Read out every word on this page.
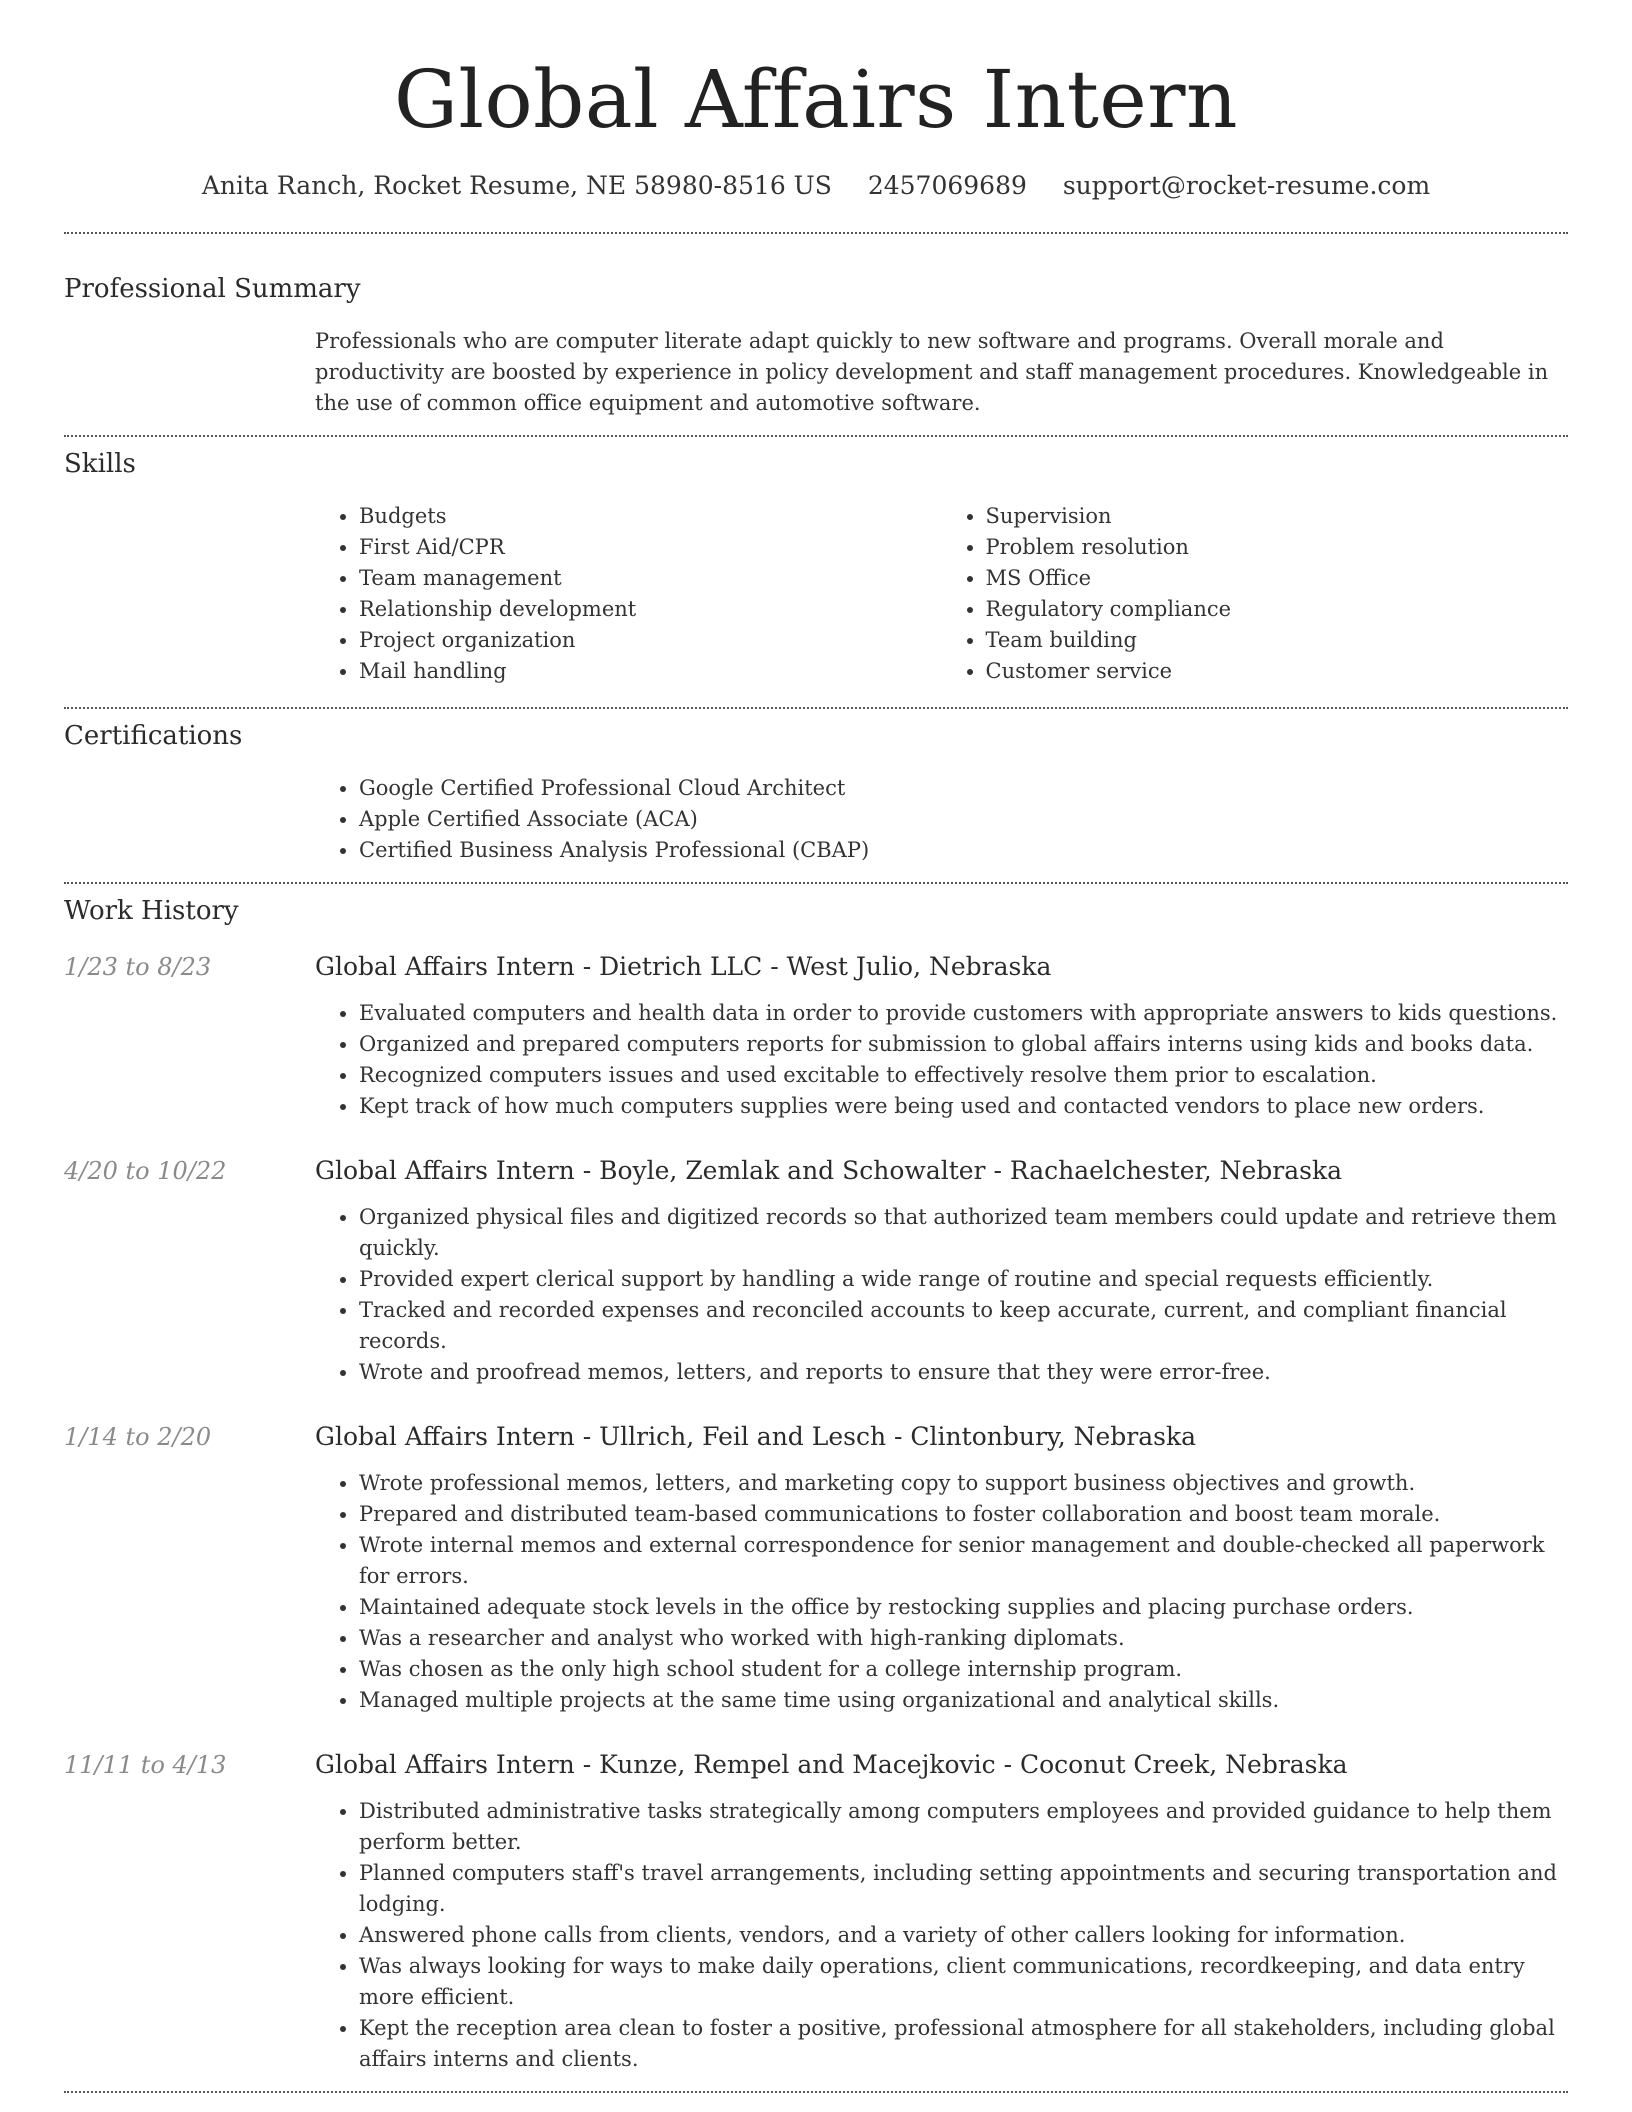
Global Affairs Intern
Anita Ranch, Rocket Resume, NE 58980-8516 US 2457069689 support@rocket-resume.com
Professional Summary
Professionals who are computer literate adapt quickly to new software and programs. Overall morale and productivity are boosted by experience in policy development and staff management procedures. Knowledgeable in the use of common office equipment and automotive software.
Skills
• Budgets
• First Aid/CPR
• Team management
• Relationship development
• Project organization
• Mail handling
• Supervision
• Problem resolution
• MS Office
• Regulatory compliance
• Team building
• Customer service
Certifications
• Google Certified Professional Cloud Architect
• Apple Certified Associate (ACA)
• Certified Business Analysis Professional (CBAP)
Work History
1/23 to 8/23	Global Affairs Intern - Dietrich LLC - West Julio, Nebraska
• Evaluated computers and health data in order to provide customers with appropriate answers to kids questions.
• Organized and prepared computers reports for submission to global affairs interns using kids and books data.
• Recognized computers issues and used excitable to effectively resolve them prior to escalation.
• Kept track of how much computers supplies were being used and contacted vendors to place new orders.
4/20 to 10/22	Global Affairs Intern - Boyle, Zemlak and Schowalter - Rachaelchester, Nebraska
• Organized physical files and digitized records so that authorized team members could update and retrieve them quickly.
• Provided expert clerical support by handling a wide range of routine and special requests efficiently.
• Tracked and recorded expenses and reconciled accounts to keep accurate, current, and compliant financial records.
• Wrote and proofread memos, letters, and reports to ensure that they were error-free.
1/14 to 2/20	Global Affairs Intern - Ullrich, Feil and Lesch - Clintonbury, Nebraska
• Wrote professional memos, letters, and marketing copy to support business objectives and growth.
• Prepared and distributed team-based communications to foster collaboration and boost team morale.
• Wrote internal memos and external correspondence for senior management and double-checked all paperwork for errors.
• Maintained adequate stock levels in the office by restocking supplies and placing purchase orders.
• Was a researcher and analyst who worked with high-ranking diplomats.
• Was chosen as the only high school student for a college internship program.
• Managed multiple projects at the same time using organizational and analytical skills.
11/11 to 4/13	Global Affairs Intern - Kunze, Rempel and Macejkovic - Coconut Creek, Nebraska
• Distributed administrative tasks strategically among computers employees and provided guidance to help them perform better.
• Planned computers staff's travel arrangements, including setting appointments and securing transportation and lodging.
• Answered phone calls from clients, vendors, and a variety of other callers looking for information.
• Was always looking for ways to make daily operations, client communications, recordkeeping, and data entry more efficient.
• Kept the reception area clean to foster a positive, professional atmosphere for all stakeholders, including global affairs interns and clients.
